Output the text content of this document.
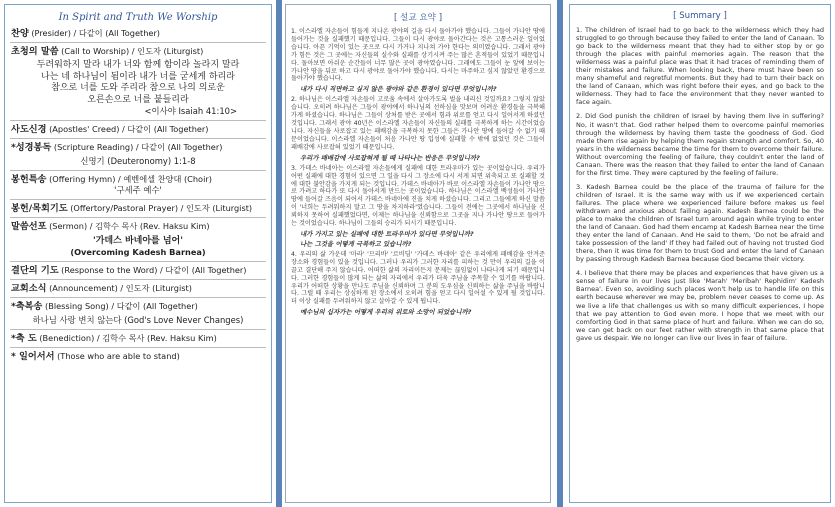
In Spirit and Truth We Worship
찬양 (Presider) / 다같이 (All Together)
초청의 말씀 (Call to Worship) / 인도자 (Liturgist)
두려워하지 말라 내가 너와 함께 함이라 놀라지 말라
나는 네 하나님이 됨이라 내가 너를 굳세게 하리라
참으로 너를 도와 주리라 참으로 나의 의로운
오른손으로 너를 붙들리라
<이사야 Isaiah 41:10>
사도신경 (Apostles' Creed) / 다같이 (All Together)
*성경봉독 (Scripture Reading) / 다같이 (All Together)
신명기 (Deuteronomy) 1:1-8
봉헌특송 (Offering Hymn) / 예벤에셀 찬양대 (Choir)
'구세주 예수'
봉헌/목회기도 (Offertory/Pastoral Prayer) / 인도자 (Liturgist)
말씀선포 (Sermon) / 김학수 목사 (Rev. Haksu Kim)
'가데스 바네아를 넘어'
(Overcoming Kadesh Barnea)
결단의 기도 (Response to the Word) / 다같이 (All Together)
교회소식 (Announcement) / 인도자 (Liturgist)
*축복송 (Blessing Song) / 다같이 (All Together)
하나님 사랑 변치 않는다 (God's Love Never Changes)
*축 도 (Benediction) / 김학수 목사 (Rev. Haksu Kim)
* 일어서서 (Those who are able to stand)
[ 설교 요약 ]
1. 이스라엘 자손들이 힘들게 지나온 광야의 길을 다시 돌아가야 했습니다. 그들이 가나안 땅에 들어가는 것을 실패했기 때문입니다. 그들이 다시 광야로 돌아간다는 것은 고통스러운 일이었습니다. 아픈 기억이 있는 곳으로 다시 가거나 지나쳐 가야 한다는 의미였습니다. 그래서 광야가 힘든 것은 그 곳에는 자신들의 실수와 실패를 상기시켜 주는 많은 흔적들이 있었기 때문입니다. 돌아보면 아쉬운 순간들이 너무 많은 곳이 광야였습니다. 그래에도 그들이 눈 앞에 보이는 가나안 땅을 뒤로 하고 다시 광야로 돌아가야 했습니다. 다시는 마주하고 싶지 않았던 환경으로 돌아가야 했습니다.
내가 다시 직면하고 싶지 않은 광야와 같은 환경이 있다면 무엇입니까?
2. 하나님은 이스라엘 자손들이 고로움 속에서 살아가도록 벌을 내리신 것일까요? 그렇지 않았습니다. 오히려 하나님은 그들이 광야에서 하나님의 선하심을 맛보며 어려운 환경들을 극복해 가게 하셨습니다. 하나님은 그들이 상처를 받은 곳에서 힘과 위로를 얻고 다시 일어서게 하셨던 것입니다. 그래서 광야 40년은 이스라엘 자손들이 자신들의 실패를 극복하게 하는 시간이었습니다. 자신들을 사로잡고 있는 패배감을 극복하지 못한 그들은 가나안 땅에 들어갈 수 없기 때문이었습니다. 이스라엘 자손들이 처음 가나안 땅 입성에 실패할 수 밖에 없었던 것은 그들이 패배감에 사로잡혀 있었기 때문입니다.
우리가 패배감에 사로잡혀게 될 때 나타나는 반응은 무엇입니까?
3. 가데스 바네아는 이스라엘 자손들에게 실패에 대한 트라우마가 있는 곳이었습니다. 우리가 어떤 실패에 대한 경험이 있으면 그 일을 다시 그 장소에 다시 서게 되면 위축되고 또 실패할 것에 대한 불안감을 가지게 되는 것입니다. 가데스 바네아가 바로 이스라엘 자손들이 가나안 땅으로 가려고 하다가 또 다시 돌아서게 만드는 곳이었습니다. 하나님은 이스라엘 백성들이 가나안 땅에 들어갈 즈음이 되어서 가데스 바네아에 진을 치게 하셨습니다. 그리고 그들에게 하신 말씀이 '너희는 두려워하지 말고 그 땅을 차지하라'였습니다. 그들이 전에는 그곳에서 하나님을 신뢰하지 못하여 실패했었다면, 이제는 하나님을 신뢰함으로 그곳을 지나 가나안 땅으로 들어가는 것이었습니다. 하나님이 그들의 승리가 되시기 때문입니다.
내가 가지고 있는 실패에 대한 트라우마가 있다면 무엇입니까?
나는 그것을 어떻게 극복하고 있습니까?
4. 우리의 삶 가운데 '마라' '므리바' '르비딤' '가데스 바네아' 같은 우리에게 패배감을 안겨준 장소와 경험들이 있을 것입니다. 그러나 우리가 그러한 자리를 피하는 것 만이 우리의 길을 이끌고 결단해 주지 않습니다. 어떠한 삶의 자리이든지 문제는 끊임없이 나타나게 되기 때문입니다. 그러한 경험들이 많게 되는 삶의 자리에서 우리가 더욱 주님을 주목할 수 있기를 바랍니다. 우리가 어떠한 상황을 만나도 주님을 신뢰하며 그 분의 도우심을 신뢰하는 삶을 주님을 바랍니다. 그럴 때 우리는 상심하게 된 장소에서 오히려 힘을 얻고 다시 일어설 수 있게 될 것입니다. 더 이상 실패를 두려워하지 않고 살아갈 수 있게 됩니다.
예수님의 십자가는 어떻게 우리의 위로와 소망이 되었습니까?
[ Summary ]
1. The children of Israel had to go back to the wilderness which they had struggled to go through because they failed to enter the land of Canaan. To go back to the wilderness meant that they had to either stop by or go through the places with painful memories again. The reason that the wilderness was a painful place was that it had traces of reminding them of their mistakes and failure. When looking back, there must have been so many shameful and regretful moments. But they had to turn their back on the land of Canaan, which was right before their eyes, and go back to the wilderness. They had to face the environment that they never wanted to face again.
2. Did God punish the children of Israel by having them live in suffering? No, it wasn't that. God rather helped them to overcome painful memories through the wilderness by having them taste the goodness of God. God made them rise again by helping them regain strength and comfort. So, 40 years in the wilderness became the time for them to overcome their failure. Without overcoming the feeling of failure, they couldn't enter the land of Canaan. There was the reason that they failed to enter the land of Canaan for the first time. They were captured by the feeling of failure.
3. Kadesh Barnea could be the place of the trauma of failure for the children of Israel. It is the same way with us if we experienced certain failures. The place where we experienced failure before makes us feel withdrawn and anxious about failing again. Kadesh Barnea could be the place to make the children of Israel turn around again while trying to enter the land of Canaan. God had them encamp at Kadesh Barnea near the time they enter the land of Canaan. And He said to them, 'Do not be afraid and take possession of the land' If they had failed out of having not trusted God there, then it was time for them to trust God and enter the land of Canaan by passing through Kadesh Barnea because God became their victory.
4. I believe that there may be places and experiences that have given us a sense of failure in our lives just like 'Marah' 'Meribah' Rephidim' Kadesh Barnea'. Even so, avoiding such places won't help us to handle life on this earth because wherever we may be, problem never ceases to come up. As we live a life that challenges us with so many difficult experiences, I hope that we pay attention to God even more. I hope that we meet with our comforting God in that same place of hurt and failure. When we can do so, we can get back on our feet rather with strength in that same place that gave us despair. We no longer can live our lives in fear of failure.
